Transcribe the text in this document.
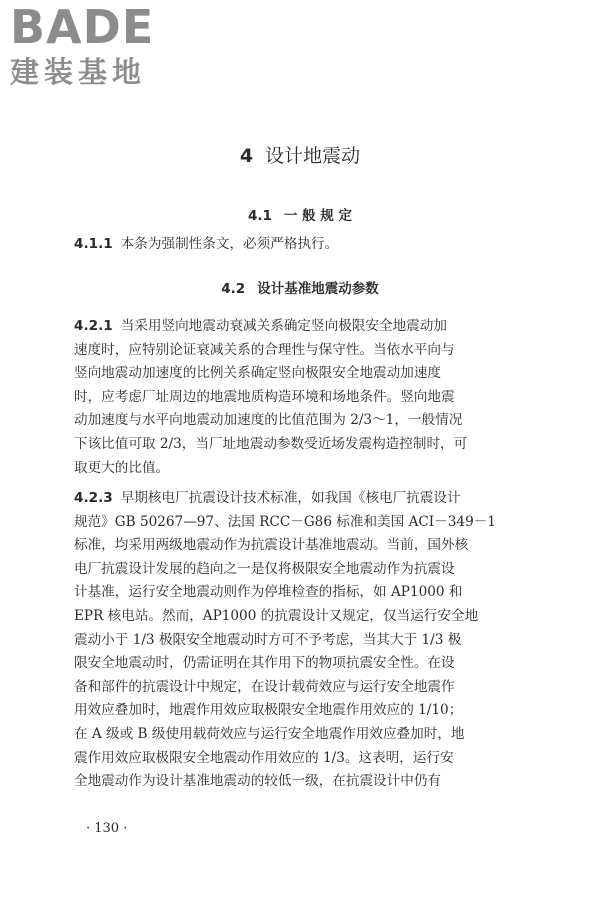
BADE
建装基地
4 设计地震动
4.1 一 般 规 定
4.1.1 本条为强制性条文，必须严格执行。
4.2 设计基准地震动参数
4.2.1 当采用竖向地震动衰减关系确定竖向极限安全地震动加
速度时，应特别论证衰减关系的合理性与保守性。当依水平向与
竖向地震动加速度的比例关系确定竖向极限安全地震动加速度
时，应考虑厂址周边的地震地质构造环境和场地条件。竖向地震
动加速度与水平向地震动加速度的比值范围为 2/3～1，一般情况
下该比值可取 2/3，当厂址地震动参数受近场发震构造控制时，可
取更大的比值。
4.2.3 早期核电厂抗震设计技术标准，如我国《核电厂抗震设计
规范》GB 50267—97、法国 RCC－G86 标准和美国 ACI－349－1
标准，均采用两级地震动作为抗震设计基准地震动。当前，国外核
电厂抗震设计发展的趋向之一是仅将极限安全地震动作为抗震设
计基准，运行安全地震动则作为停堆检查的指标，如 AP1000 和
EPR 核电站。然而，AP1000 的抗震设计又规定，仅当运行安全地
震动小于 1/3 极限安全地震动时方可不予考虑，当其大于 1/3 极
限安全地震动时，仍需证明在其作用下的物项抗震安全性。在设
备和部件的抗震设计中规定，在设计载荷效应与运行安全地震作
用效应叠加时，地震作用效应取极限安全地震作用效应的 1/10；
在 A 级或 B 级使用载荷效应与运行安全地震作用效应叠加时，地
震作用效应取极限安全地震动作用效应的 1/3。这表明，运行安
全地震动作为设计基准地震动的较低一级，在抗震设计中仍有
· 130 ·
